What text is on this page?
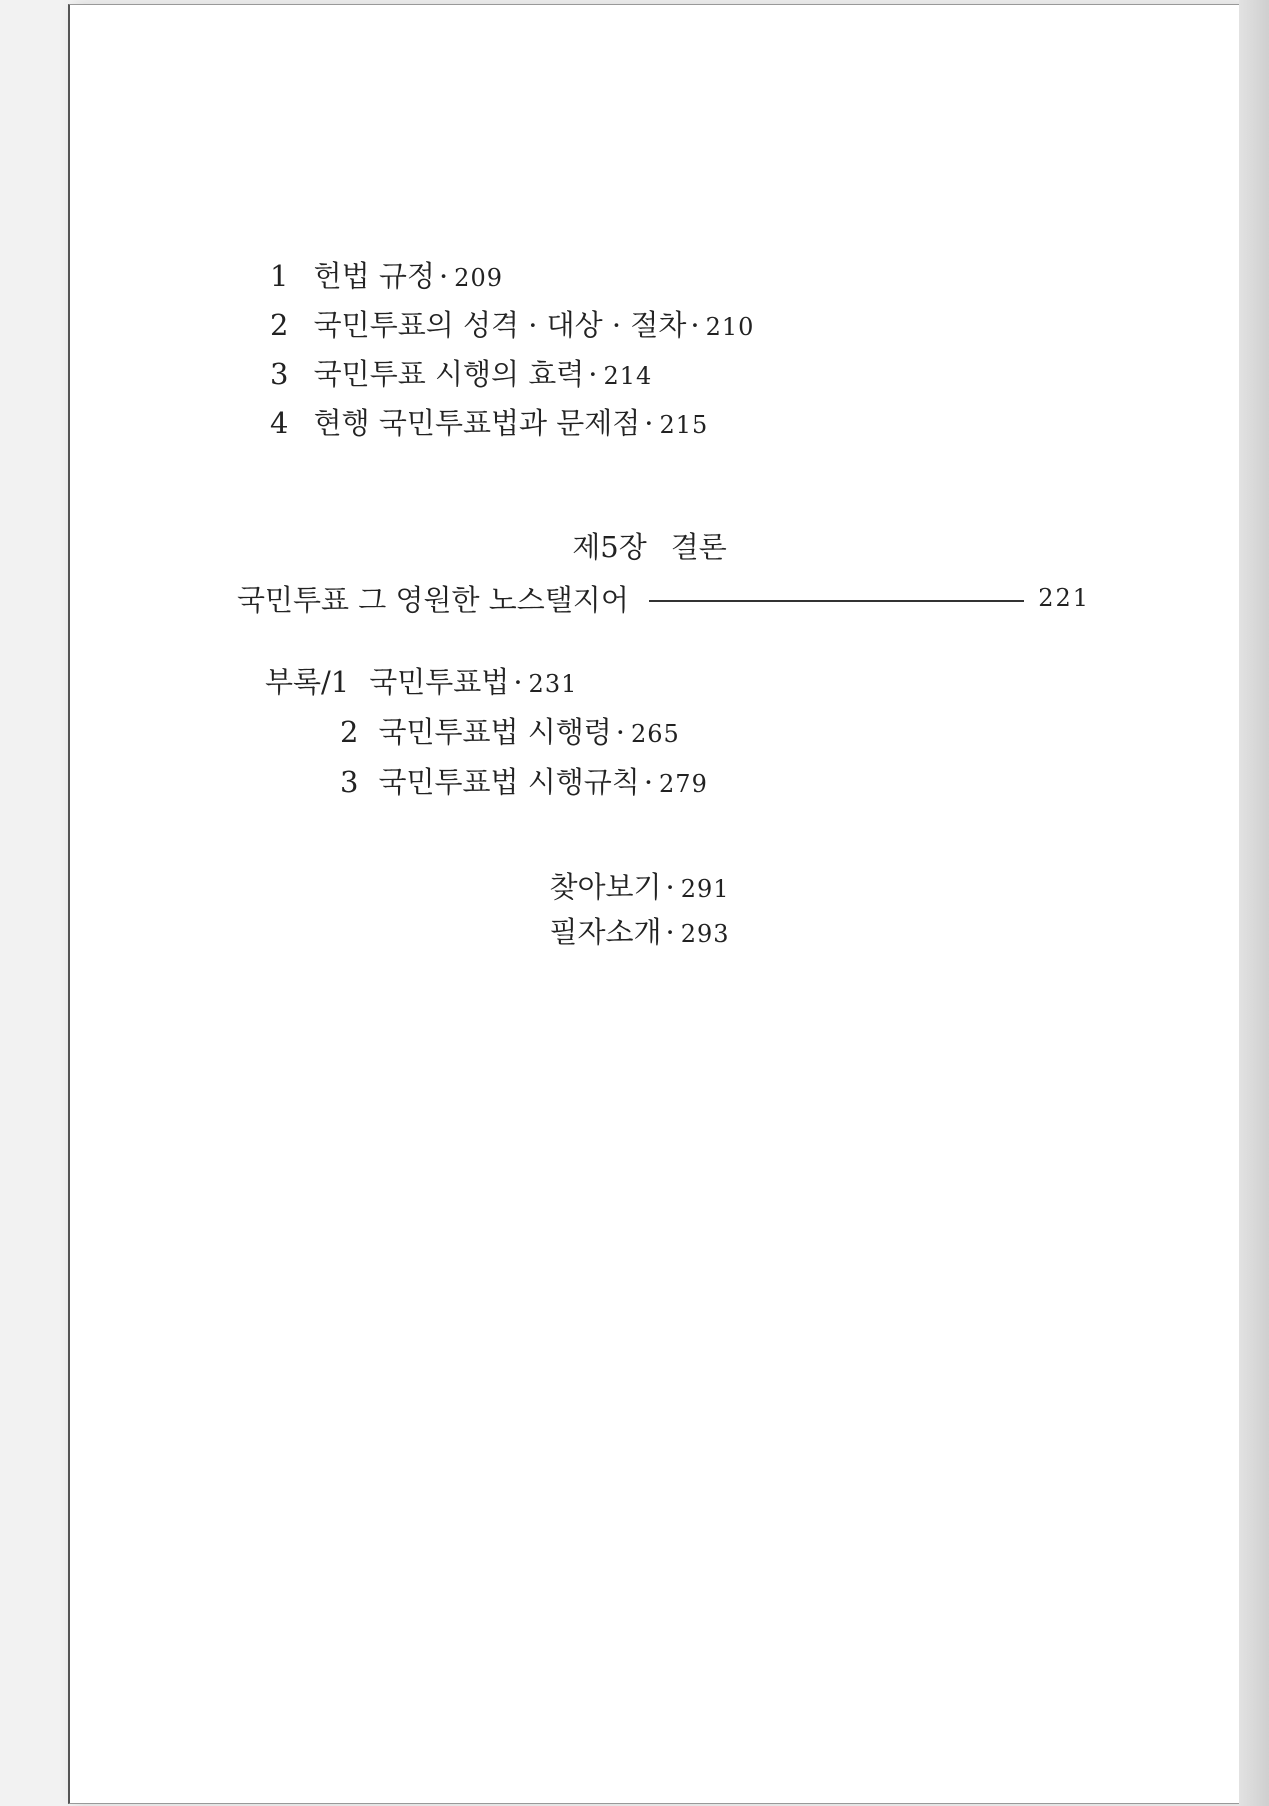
1 헌법 규정 · 209
2 국민투표의 성격 · 대상 · 절차 · 210
3 국민투표 시행의 효력 · 214
4 현행 국민투표법과 문제점 · 215
제5장 결론
국민투표 그 영원한 노스탤지어	221
부록/1 국민투표법 · 231
2 국민투표법 시행령 · 265
3 국민투표법 시행규칙 · 279
찾아보기 · 291
필자소개 · 293
